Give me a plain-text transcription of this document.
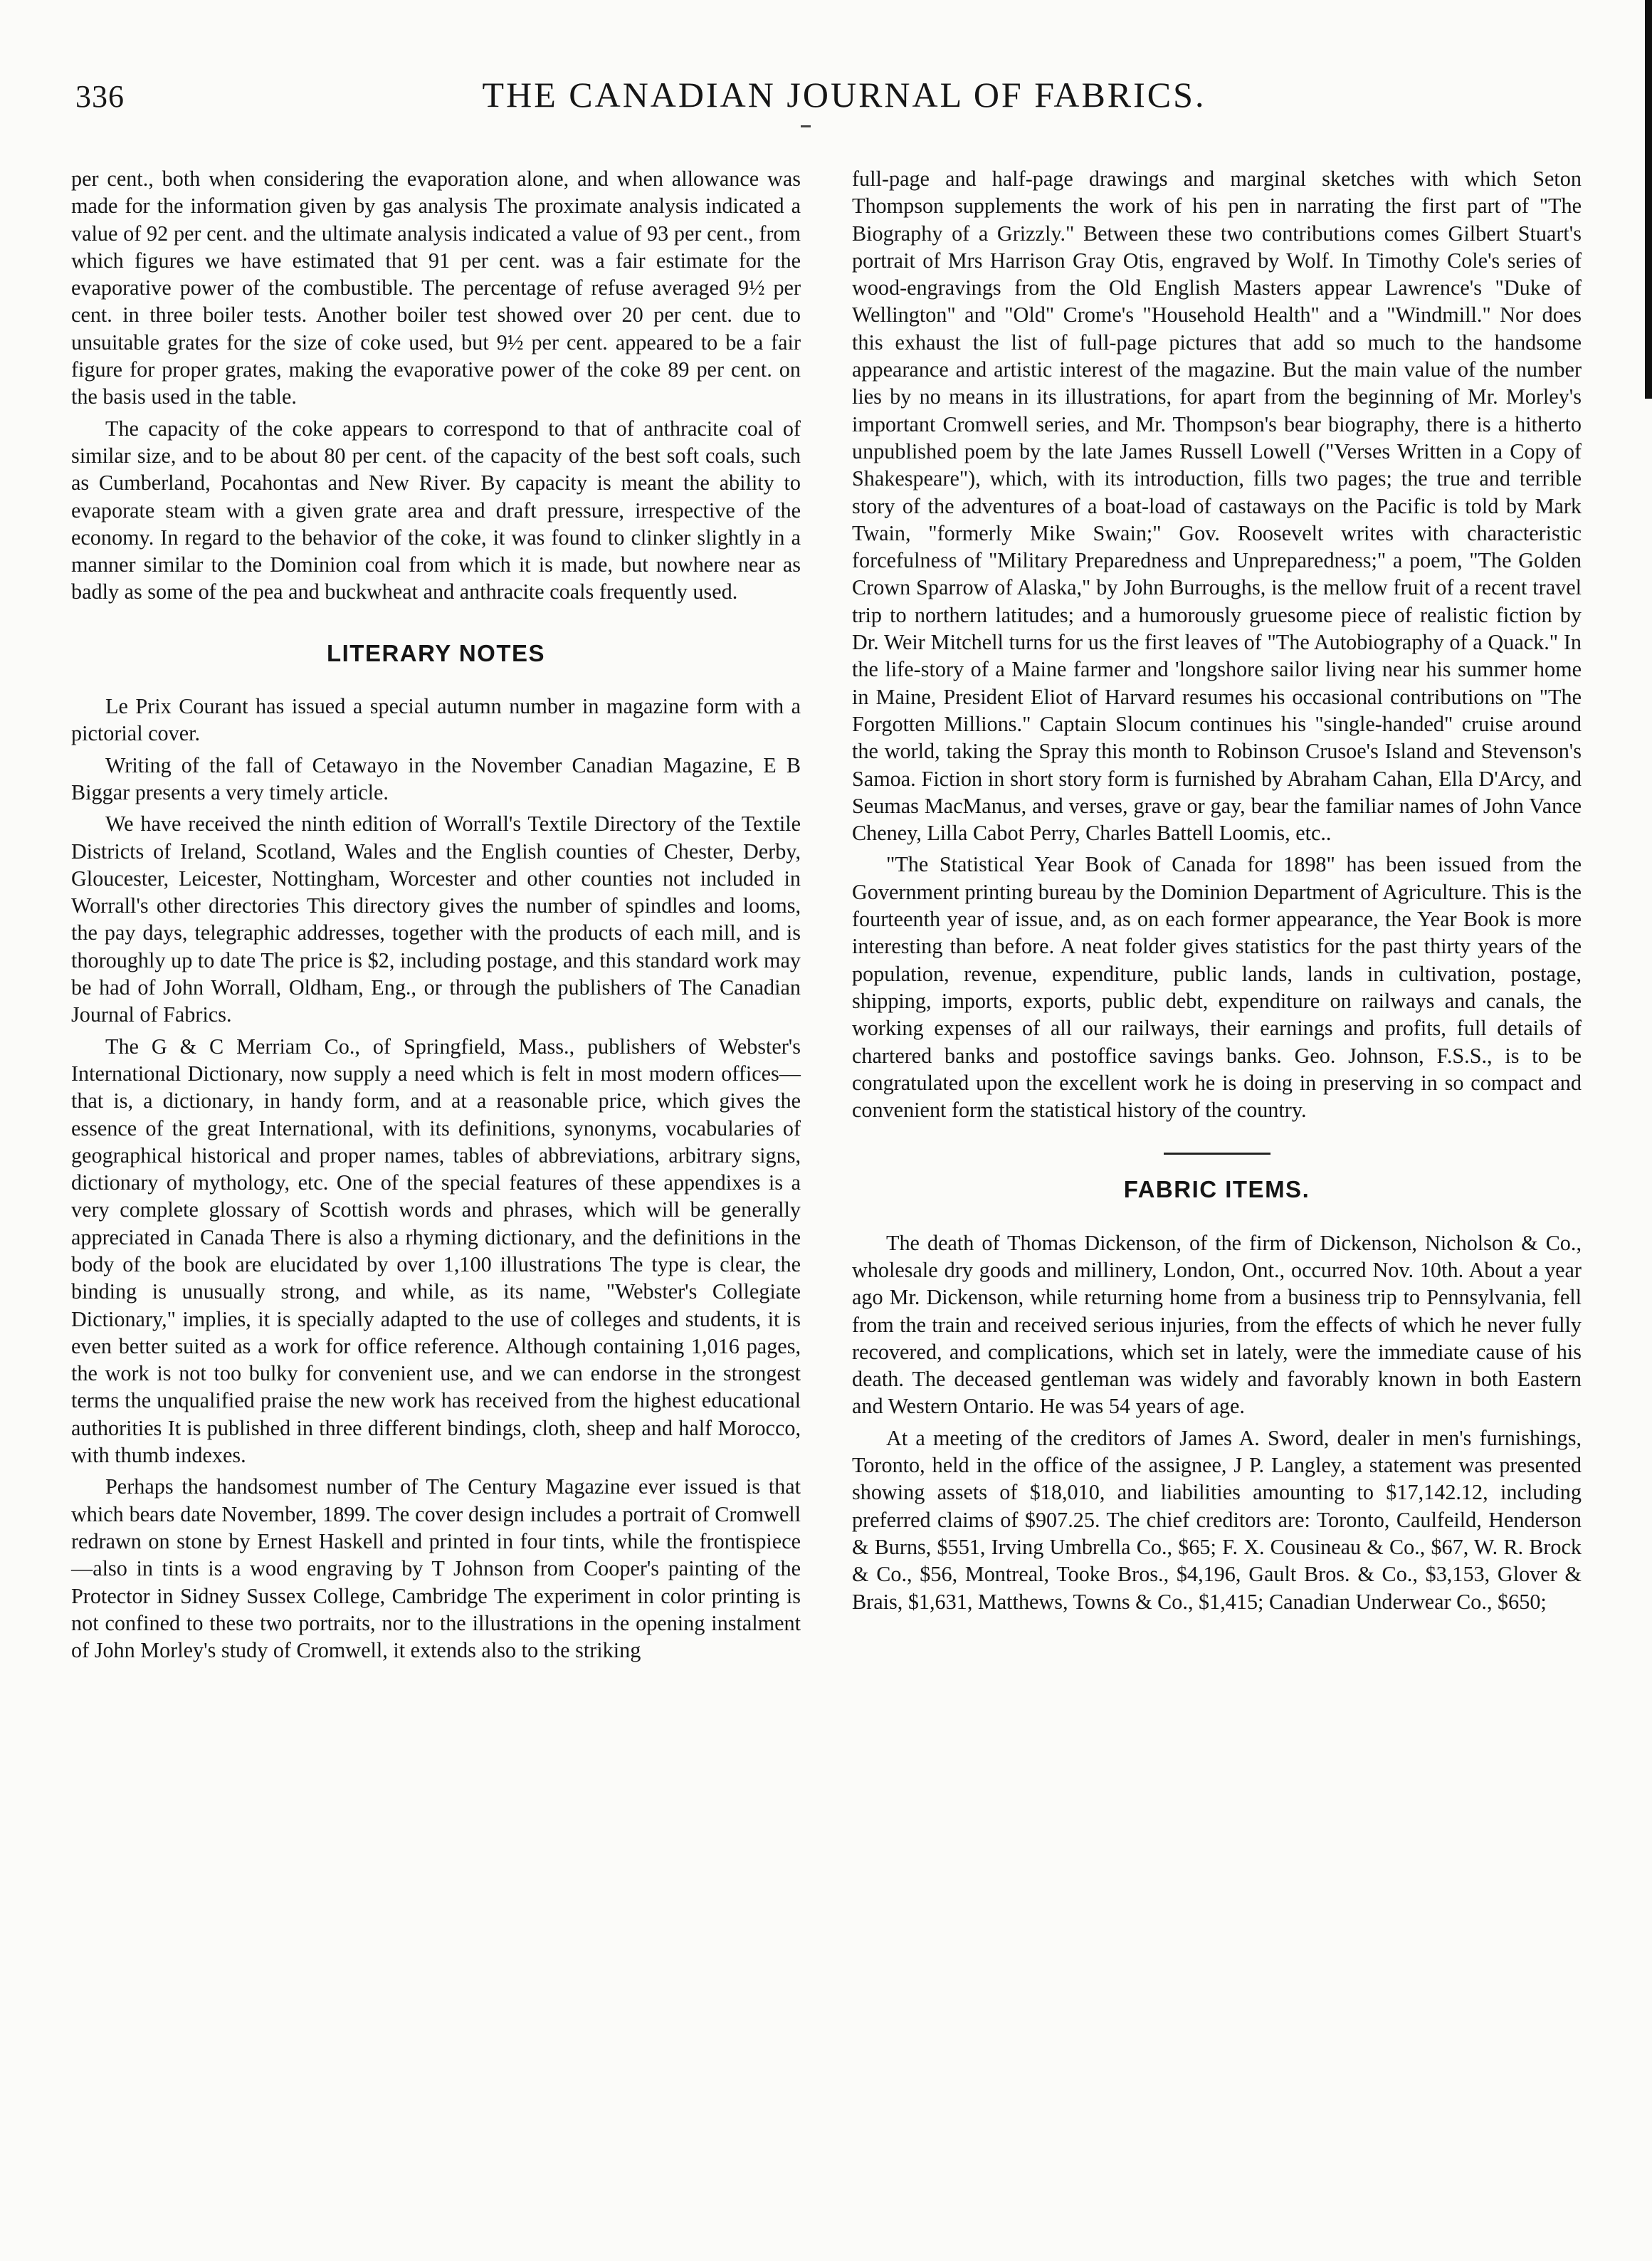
336	THE CANADIAN JOURNAL OF FABRICS.

per cent., both when considering the evaporation alone, and when allowance was made for the information given by gas analysis The proximate analysis indicated a value of 92 per cent. and the ultimate analysis indicated a value of 93 per cent., from which figures we have estimated that 91 per cent. was a fair estimate for the evaporative power of the combustible. The percentage of refuse averaged 9½ per cent. in three boiler tests. Another boiler test showed over 20 per cent. due to unsuitable grates for the size of coke used, but 9½ per cent. appeared to be a fair figure for proper grates, making the evaporative power of the coke 89 per cent. on the basis used in the table.

The capacity of the coke appears to correspond to that of anthracite coal of similar size, and to be about 80 per cent. of the capacity of the best soft coals, such as Cumberland, Pocahontas and New River. By capacity is meant the ability to evaporate steam with a given grate area and draft pressure, irrespective of the economy. In regard to the behavior of the coke, it was found to clinker slightly in a manner similar to the Dominion coal from which it is made, but nowhere near as badly as some of the pea and buckwheat and anthracite coals frequently used.

LITERARY NOTES

Le Prix Courant has issued a special autumn number in magazine form with a pictorial cover.

Writing of the fall of Cetawayo in the November Canadian Magazine, E B Biggar presents a very timely article.

We have received the ninth edition of Worrall's Textile Directory of the Textile Districts of Ireland, Scotland, Wales and the English counties of Chester, Derby, Gloucester, Leicester, Nottingham, Worcester and other counties not included in Worrall's other directories This directory gives the number of spindles and looms, the pay days, telegraphic addresses, together with the products of each mill, and is thoroughly up to date The price is $2, including postage, and this standard work may be had of John Worrall, Oldham, Eng., or through the publishers of The Canadian Journal of Fabrics.

The G & C Merriam Co., of Springfield, Mass., publishers of Webster's International Dictionary, now supply a need which is felt in most modern offices—that is, a dictionary, in handy form, and at a reasonable price, which gives the essence of the great International, with its definitions, synonyms, vocabularies of geographical historical and proper names, tables of abbreviations, arbitrary signs, dictionary of mythology, etc. One of the special features of these appendixes is a very complete glossary of Scottish words and phrases, which will be generally appreciated in Canada There is also a rhyming dictionary, and the definitions in the body of the book are elucidated by over 1,100 illustrations The type is clear, the binding is unusually strong, and while, as its name, "Webster's Collegiate Dictionary," implies, it is specially adapted to the use of colleges and students, it is even better suited as a work for office reference. Although containing 1,016 pages, the work is not too bulky for convenient use, and we can endorse in the strongest terms the unqualified praise the new work has received from the highest educational authorities It is published in three different bindings, cloth, sheep and half Morocco, with thumb indexes.

Perhaps the handsomest number of The Century Magazine ever issued is that which bears date November, 1899. The cover design includes a portrait of Cromwell redrawn on stone by Ernest Haskell and printed in four tints, while the frontispiece—also in tints is a wood engraving by T Johnson from Cooper's painting of the Protector in Sidney Sussex College, Cambridge The experiment in color printing is not confined to these two portraits, nor to the illustrations in the opening instalment of John Morley's study of Cromwell, it extends also to the striking

full-page and half-page drawings and marginal sketches with which Seton Thompson supplements the work of his pen in narrating the first part of "The Biography of a Grizzly." Between these two contributions comes Gilbert Stuart's portrait of Mrs Harrison Gray Otis, engraved by Wolf. In Timothy Cole's series of wood-engravings from the Old English Masters appear Lawrence's "Duke of Wellington" and "Old" Crome's "Household Health" and a "Windmill." Nor does this exhaust the list of full-page pictures that add so much to the handsome appearance and artistic interest of the magazine. But the main value of the number lies by no means in its illustrations, for apart from the beginning of Mr. Morley's important Cromwell series, and Mr. Thompson's bear biography, there is a hitherto unpublished poem by the late James Russell Lowell ("Verses Written in a Copy of Shakespeare"), which, with its introduction, fills two pages; the true and terrible story of the adventures of a boat-load of castaways on the Pacific is told by Mark Twain, "formerly Mike Swain;" Gov. Roosevelt writes with characteristic forcefulness of "Military Preparedness and Unpreparedness;" a poem, "The Golden Crown Sparrow of Alaska," by John Burroughs, is the mellow fruit of a recent travel trip to northern latitudes; and a humorously gruesome piece of realistic fiction by Dr. Weir Mitchell turns for us the first leaves of "The Autobiography of a Quack." In the life-story of a Maine farmer and 'longshore sailor living near his summer home in Maine, President Eliot of Harvard resumes his occasional contributions on "The Forgotten Millions." Captain Slocum continues his "single-handed" cruise around the world, taking the Spray this month to Robinson Crusoe's Island and Stevenson's Samoa. Fiction in short story form is furnished by Abraham Cahan, Ella D'Arcy, and Seumas MacManus, and verses, grave or gay, bear the familiar names of John Vance Cheney, Lilla Cabot Perry, Charles Battell Loomis, etc..

"The Statistical Year Book of Canada for 1898" has been issued from the Government printing bureau by the Dominion Department of Agriculture. This is the fourteenth year of issue, and, as on each former appearance, the Year Book is more interesting than before. A neat folder gives statistics for the past thirty years of the population, revenue, expenditure, public lands, lands in cultivation, postage, shipping, imports, exports, public debt, expenditure on railways and canals, the working expenses of all our railways, their earnings and profits, full details of chartered banks and postoffice savings banks. Geo. Johnson, F.S.S., is to be congratulated upon the excellent work he is doing in preserving in so compact and convenient form the statistical history of the country.

FABRIC ITEMS.

The death of Thomas Dickenson, of the firm of Dickenson, Nicholson & Co., wholesale dry goods and millinery, London, Ont., occurred Nov. 10th. About a year ago Mr. Dickenson, while returning home from a business trip to Pennsylvania, fell from the train and received serious injuries, from the effects of which he never fully recovered, and complications, which set in lately, were the immediate cause of his death. The deceased gentleman was widely and favorably known in both Eastern and Western Ontario. He was 54 years of age.

At a meeting of the creditors of James A. Sword, dealer in men's furnishings, Toronto, held in the office of the assignee, J P. Langley, a statement was presented showing assets of $18,010, and liabilities amounting to $17,142.12, including preferred claims of $907.25. The chief creditors are: Toronto, Caulfeild, Henderson & Burns, $551, Irving Umbrella Co., $65; F. X. Cousineau & Co., $67, W. R. Brock & Co., $56, Montreal, Tooke Bros., $4,196, Gault Bros. & Co., $3,153, Glover & Brais, $1,631, Matthews, Towns & Co., $1,415; Canadian Underwear Co., $650;
